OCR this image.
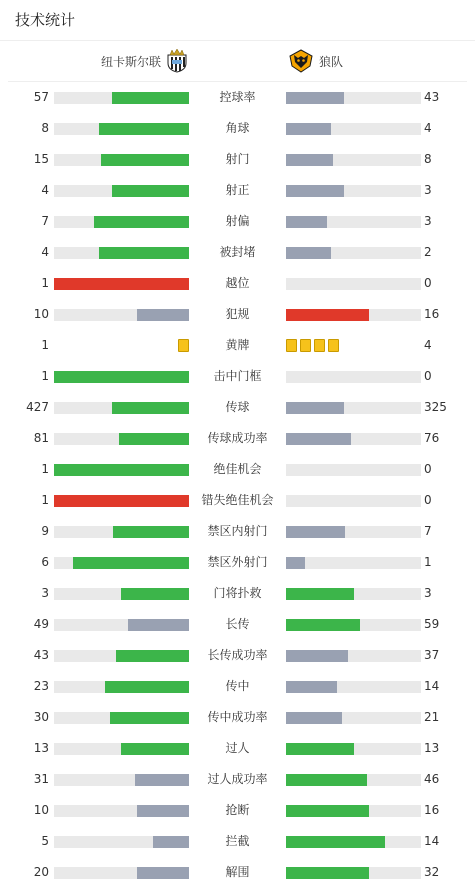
技术统计
纽卡斯尔联	狼队
57	控球率	43
8	角球	4
15	射门	8
4	射正	3
7	射偏	3
4	被封堵	2
1	越位	0
10	犯规	16
1	黄牌	4
1	击中门框	0
427	传球	325
81	传球成功率	76
1	绝佳机会	0
1	错失绝佳机会	0
9	禁区内射门	7
6	禁区外射门	1
3	门将扑救	3
49	长传	59
43	长传成功率	37
23	传中	14
30	传中成功率	21
13	过人	13
31	过人成功率	46
10	抢断	16
5	拦截	14
20	解围	32
